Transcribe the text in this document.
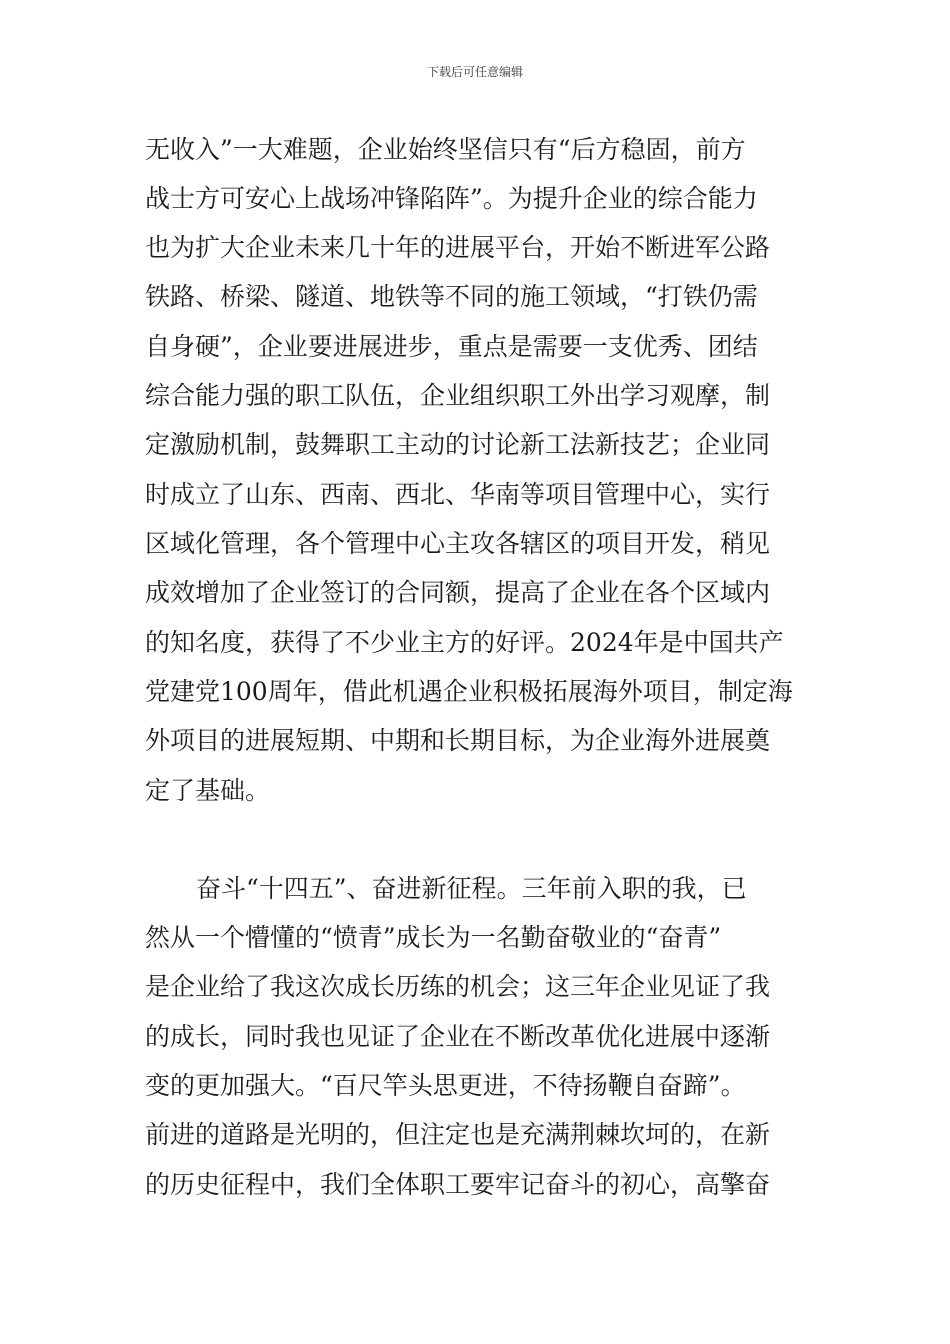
下载后可任意编辑
无收入”一大难题，企业始终坚信只有“后方稳固，前方
战士方可安心上战场冲锋陷阵”。为提升企业的综合能力
也为扩大企业未来几十年的进展平台，开始不断进军公路
铁路、桥梁、隧道、地铁等不同的施工领域，“打铁仍需
自身硬”，企业要进展进步，重点是需要一支优秀、团结
综合能力强的职工队伍，企业组织职工外出学习观摩，制
定激励机制，鼓舞职工主动的讨论新工法新技艺；企业同
时成立了山东、西南、西北、华南等项目管理中心，实行
区域化管理，各个管理中心主攻各辖区的项目开发，稍见
成效增加了企业签订的合同额，提高了企业在各个区域内
的知名度，获得了不少业主方的好评。2024年是中国共产
党建党100周年，借此机遇企业积极拓展海外项目，制定海
外项目的进展短期、中期和长期目标，为企业海外进展奠
定了基础。
奋斗“十四五”、奋进新征程。三年前入职的我，已
然从一个懵懂的“愤青”成长为一名勤奋敬业的“奋青”
是企业给了我这次成长历练的机会；这三年企业见证了我
的成长，同时我也见证了企业在不断改革优化进展中逐渐
变的更加强大。“百尺竿头思更进，不待扬鞭自奋蹄”。
前进的道路是光明的，但注定也是充满荆棘坎坷的，在新
的历史征程中，我们全体职工要牢记奋斗的初心，高擎奋
